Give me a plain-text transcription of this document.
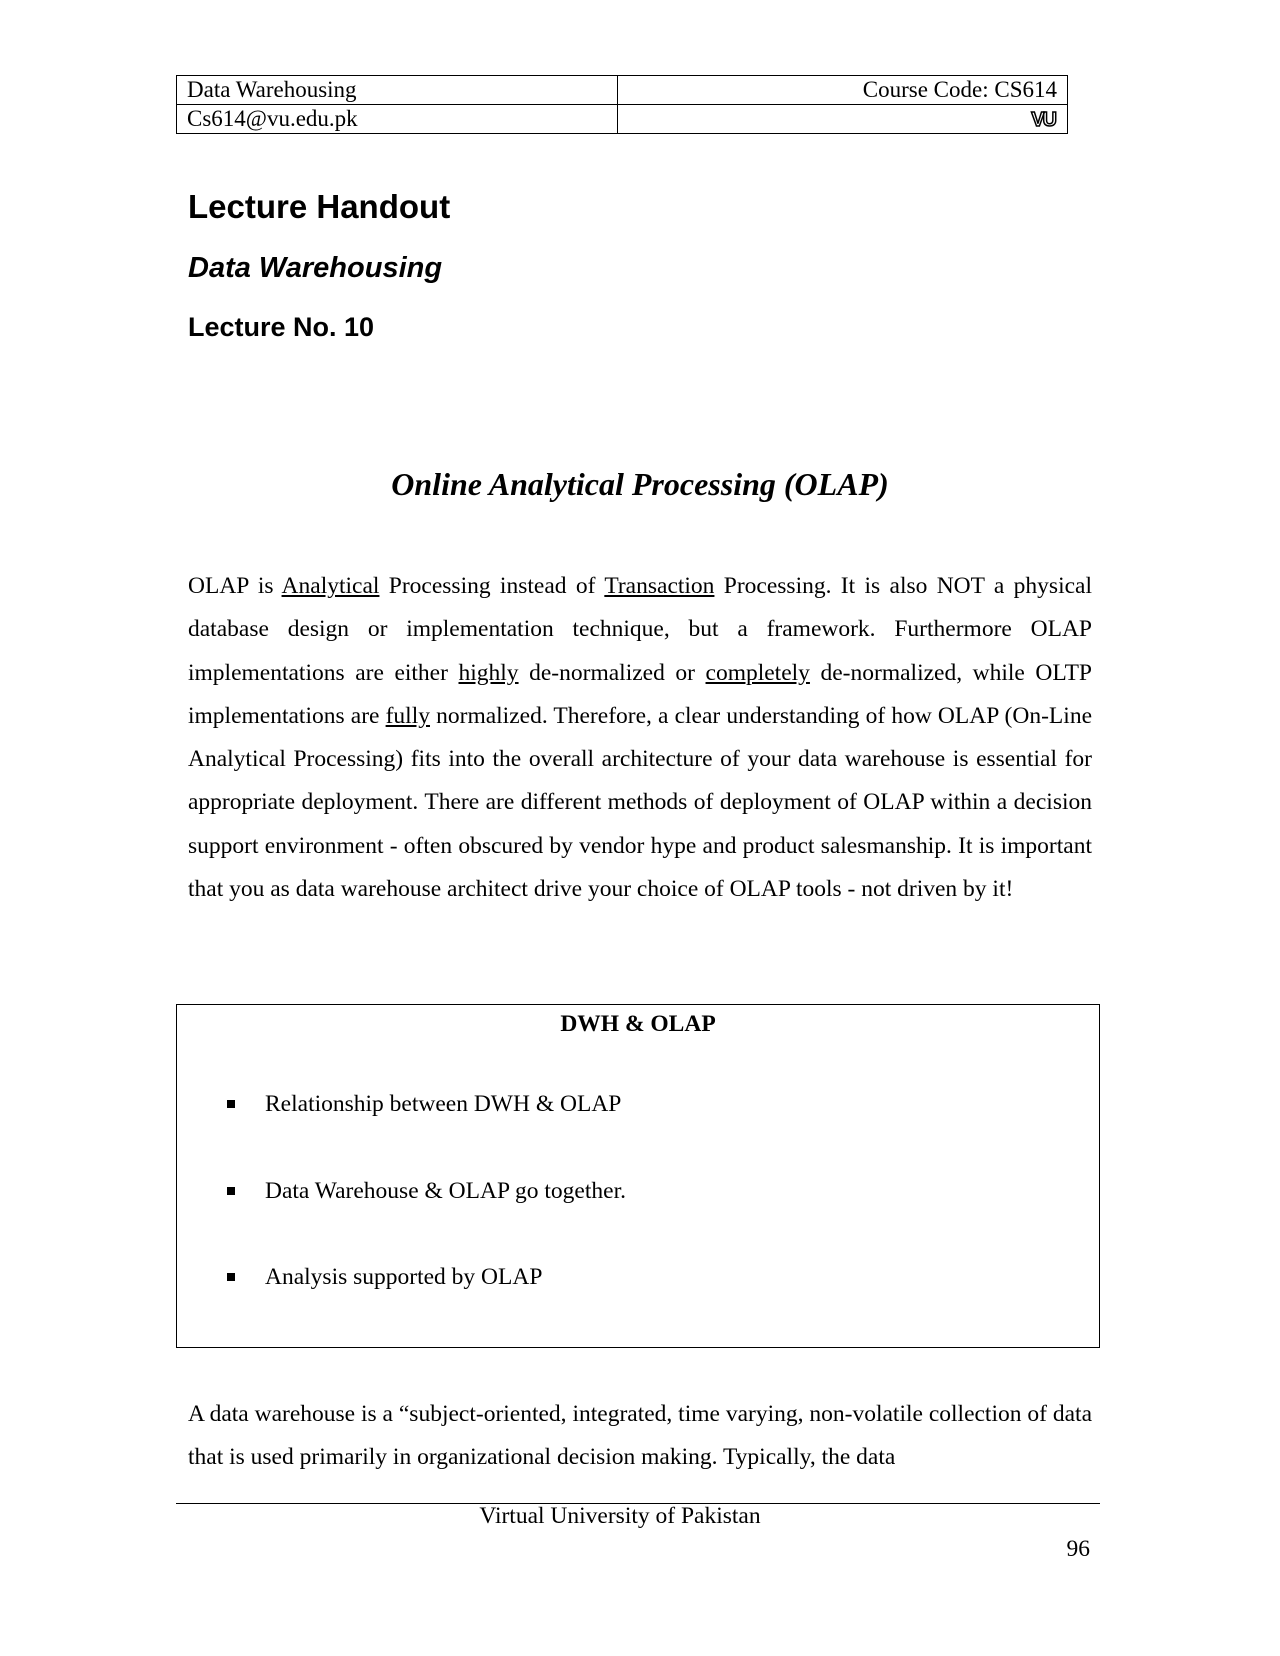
Data Warehousing	Course Code: CS614
Cs614@vu.edu.pk	VU
Lecture Handout
Data Warehousing
Lecture No. 10
Online Analytical Processing (OLAP)

OLAP is Analytical Processing instead of Transaction Processing. It is also NOT a physical database design or implementation technique, but a framework. Furthermore OLAP implementations are either highly de-normalized or completely de-normalized, while OLTP implementations are fully normalized. Therefore, a clear understanding of how OLAP (On-Line Analytical Processing) fits into the overall architecture of your data warehouse is essential for appropriate deployment. There are different methods of deployment of OLAP within a decision support environment - often obscured by vendor hype and product salesmanship. It is important that you as data warehouse architect drive your choice of OLAP tools - not driven by it!

DWH & OLAP
Relationship between DWH & OLAP
Data Warehouse & OLAP go together.
Analysis supported by OLAP

A data warehouse is a “subject-oriented, integrated, time varying, non-volatile collection of data that is used primarily in organizational decision making. Typically, the data

Virtual University of Pakistan
96
